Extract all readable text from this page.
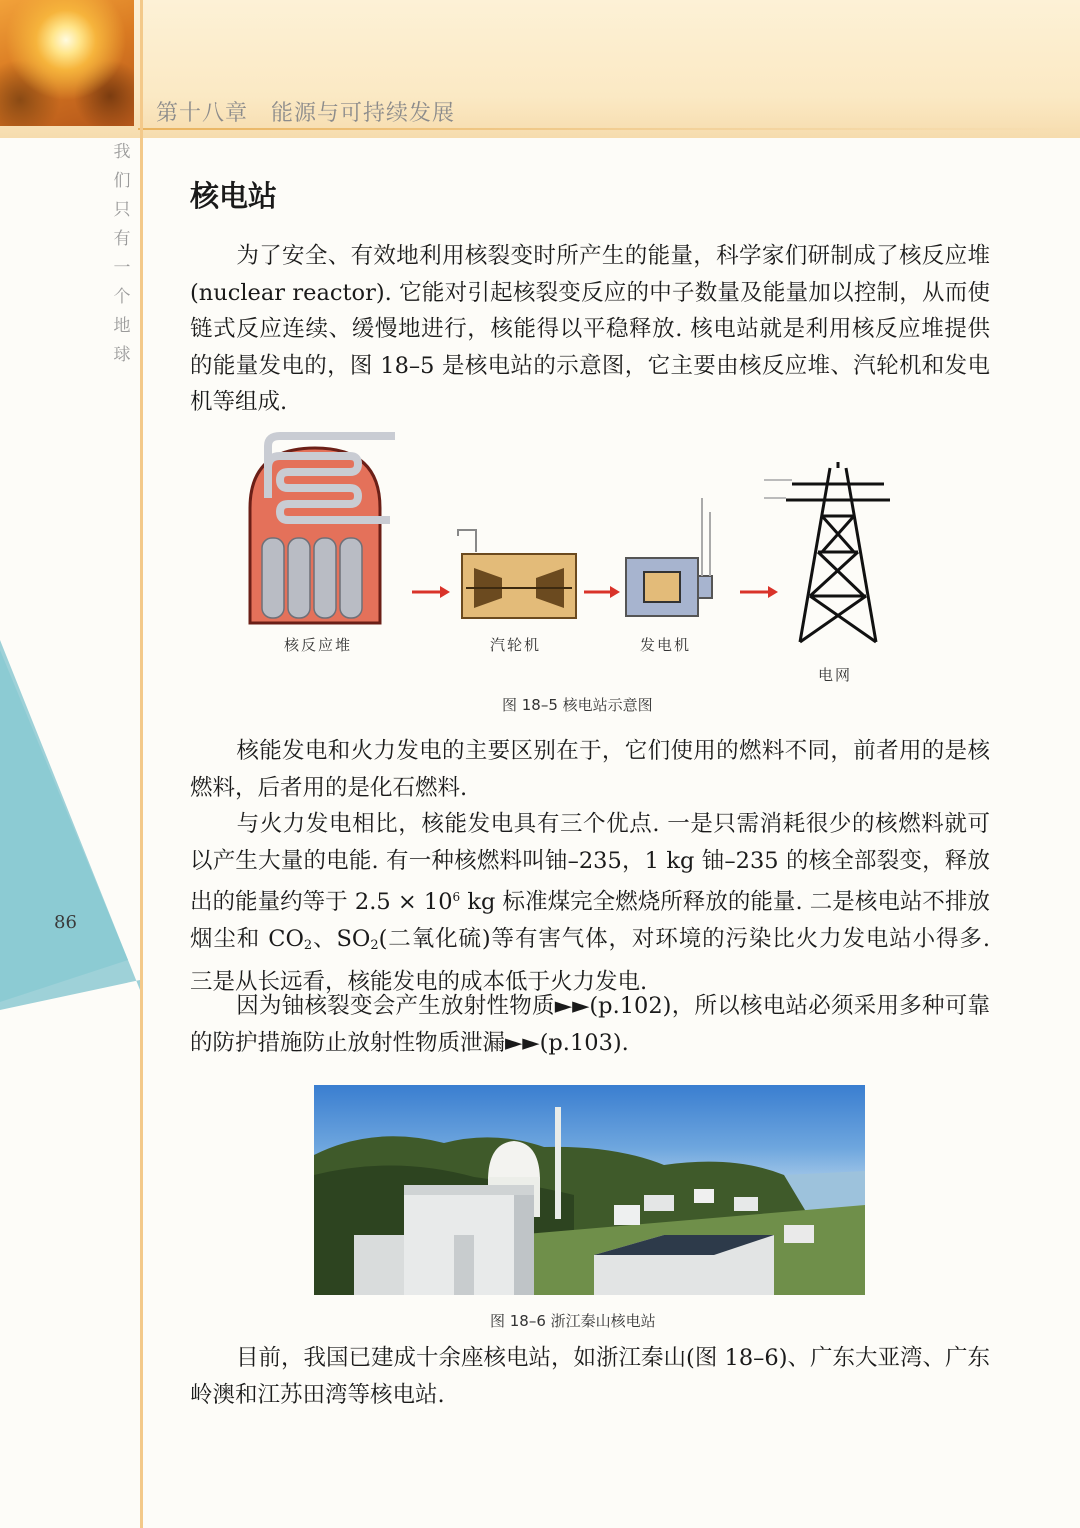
第十八章　能源与可持续发展
我
们
只
有
一
个
地
球
86
核电站

为了安全、有效地利用核裂变时所产生的能量，科学家们研制成了核反应堆(nuclear reactor). 它能对引起核裂变反应的中子数量及能量加以控制，从而使链式反应连续、缓慢地进行，核能得以平稳释放. 核电站就是利用核反应堆提供的能量发电的，图 18–5 是核电站的示意图，它主要由核反应堆、汽轮机和发电机等组成.

核反应堆	汽轮机	发电机
电网
图 18–5 核电站示意图

核能发电和火力发电的主要区别在于，它们使用的燃料不同，前者用的是核燃料，后者用的是化石燃料.

与火力发电相比，核能发电具有三个优点. 一是只需消耗很少的核燃料就可以产生大量的电能. 有一种核燃料叫铀–235，1 kg 铀–235 的核全部裂变，释放出的能量约等于 $2.5 \times 10^6$ kg 标准煤完全燃烧所释放的能量. 二是核电站不排放烟尘和 $CO_2$、$SO_2$(二氧化硫)等有害气体，对环境的污染比火力发电站小得多. 三是从长远看，核能发电的成本低于火力发电.

因为铀核裂变会产生放射性物质►►(p.102)，所以核电站必须采用多种可靠的防护措施防止放射性物质泄漏►►(p.103).

图 18–6 浙江秦山核电站

目前，我国已建成十余座核电站，如浙江秦山(图 18–6)、广东大亚湾、广东岭澳和江苏田湾等核电站.
